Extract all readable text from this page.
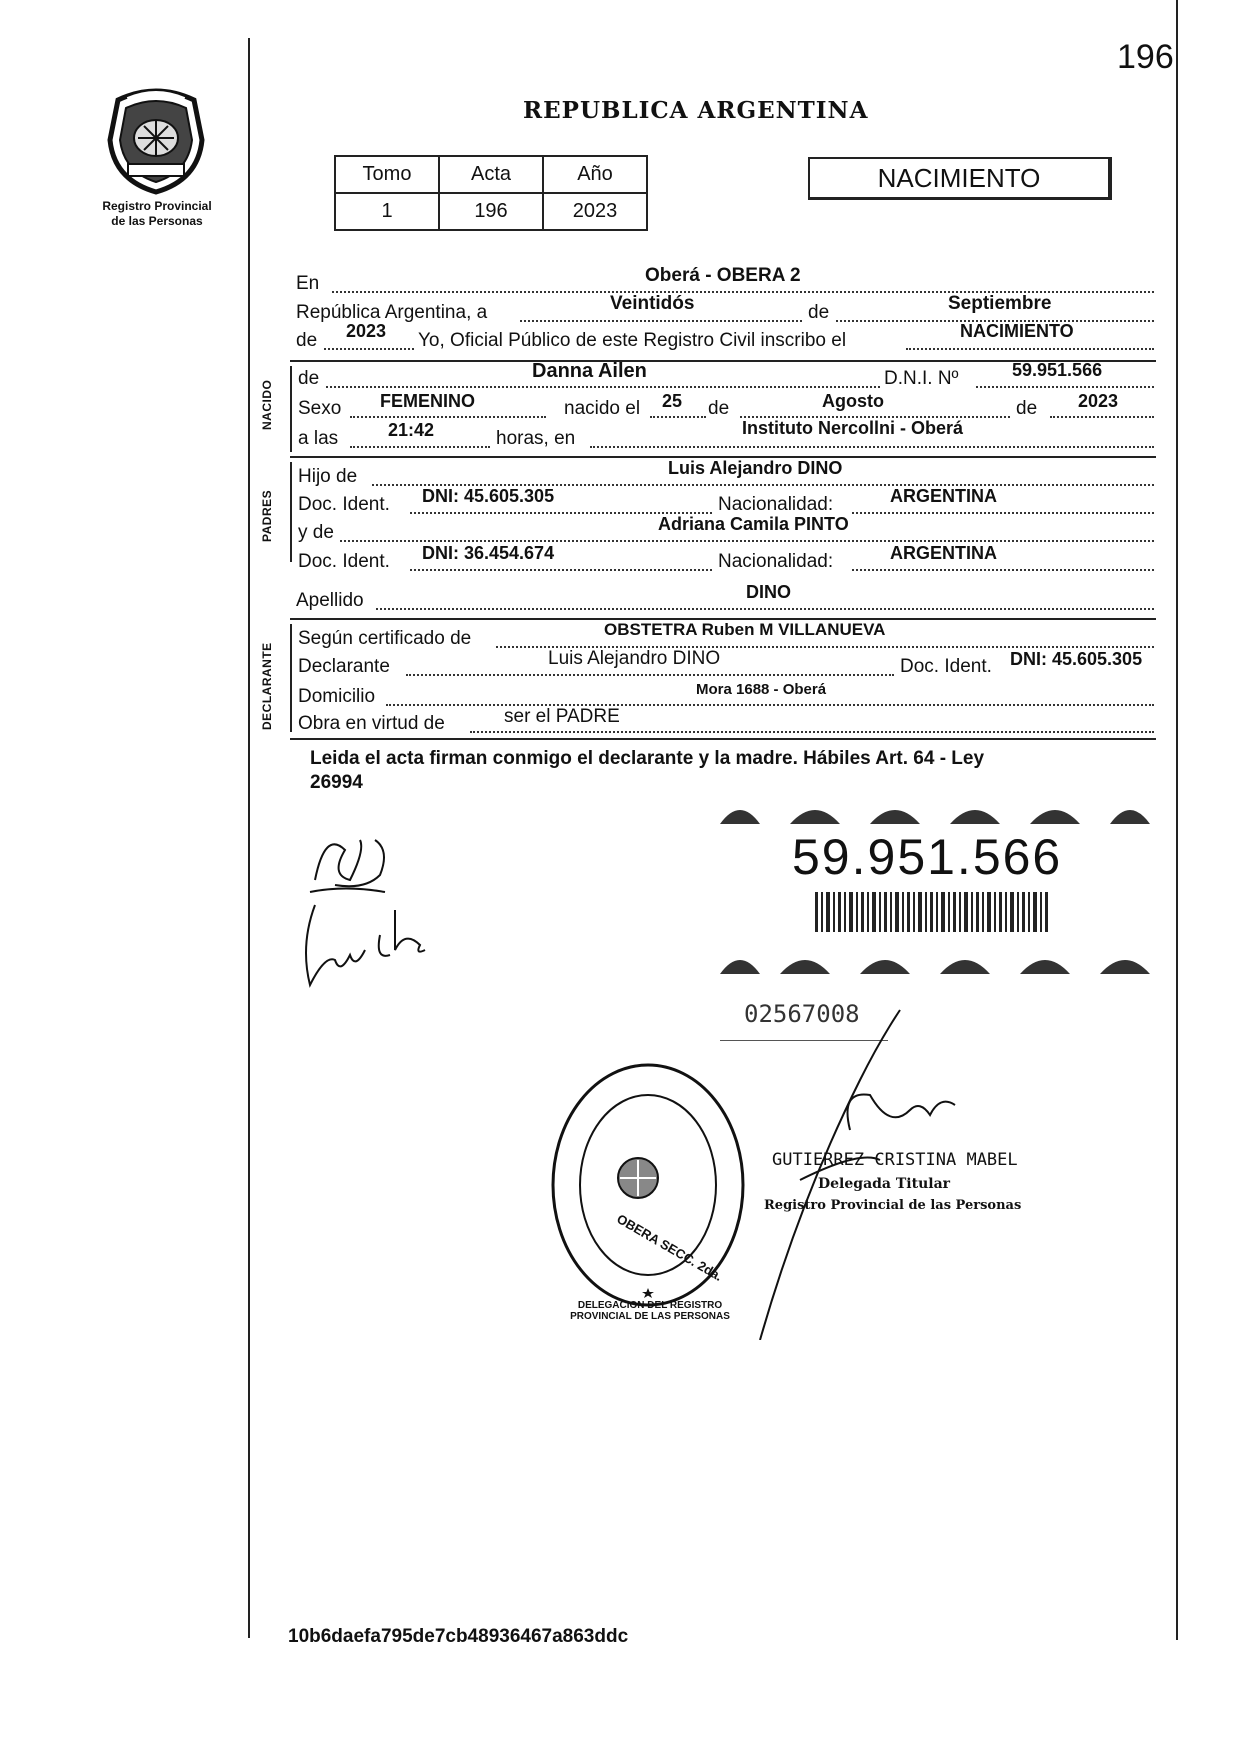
196
Registro Provincial
de las Personas
REPUBLICA ARGENTINA
Tomo	Acta	Año
1	196	2023
NACIMIENTO
En	Oberá - OBERA 2
República Argentina, a	Veintidós	de	Septiembre
de 2023 Yo, Oficial Público de este Registro Civil inscribo el	NACIMIENTO
NACIDO
de	Danna Ailen	D.N.I. Nº	59.951.566
Sexo FEMENINO	nacido el 25 de	Agosto	de 2023
a las	21:42	horas, en	Instituto Nercollni - Oberá
PADRES
Hijo de	Luis Alejandro DINO
Doc. Ident. DNI: 45.605.305	Nacionalidad:	ARGENTINA
y de	Adriana Camila PINTO
Doc. Ident. DNI: 36.454.674	Nacionalidad:	ARGENTINA
Apellido	DINO
DECLARANTE
Según certificado de	OBSTETRA Ruben M VILLANUEVA
Declarante	Luis Alejandro DINO	Doc. Ident. DNI: 45.605.305
Domicilio	Mora 1688 - Oberá
Obra en virtud de	ser el PADRE
Leida el acta firman conmigo el declarante y la madre. Hábiles Art. 64 - Ley
26994
59.951.566
02567008
DELEGACION DEL REGISTRO PROVINCIAL DE LAS PERSONAS
OBERA SECC. 2da.
GUTIERREZ CRISTINA MABEL
Delegada Titular
Registro Provincial de las Personas
10b6daefa795de7cb48936467a863ddc
